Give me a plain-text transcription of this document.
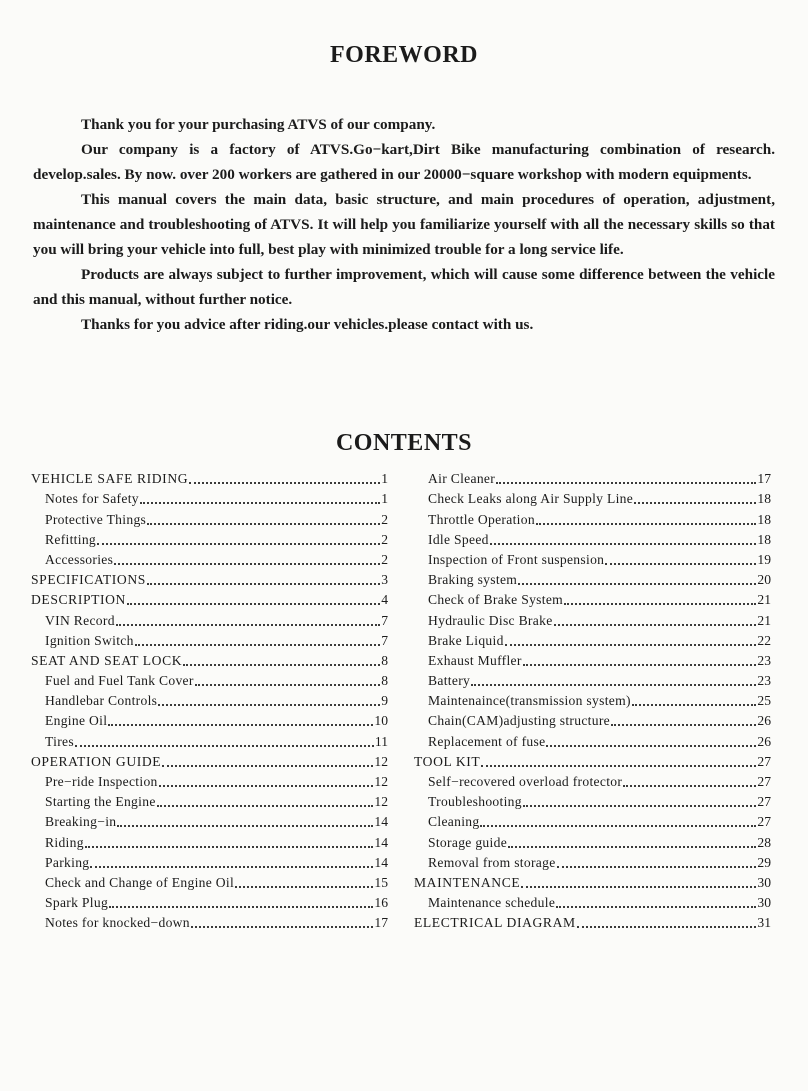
FOREWORD

Thank you for your purchasing ATVS of our company.

Our company is a factory of ATVS.Go−kart,Dirt Bike manufacturing combination of research. develop.sales. By now. over 200 workers are gathered in our 20000−square workshop with modern equipments.

This manual covers the main data, basic structure, and main procedures of operation, adjustment, maintenance and troubleshooting of ATVS. It will help you familiarize yourself with all the necessary skills so that you will bring your vehicle into full, best play with minimized trouble for a long service life.

Products are always subject to further improvement, which will cause some difference between the vehicle and this manual, without further notice.

Thanks for you advice after riding.our vehicles.please contact with us.

CONTENTS
VEHICLE SAFE RIDING	1
Notes for Safety	1
Protective Things	2
Refitting	2
Accessories	2
SPECIFICATIONS	3
DESCRIPTION	4
VIN Record	7
Ignition Switch	7
SEAT AND SEAT LOCK	8
Fuel and Fuel Tank Cover	8
Handlebar Controls	9
Engine Oil	10
Tires	11
OPERATION GUIDE	12
Pre−ride Inspection	12
Starting the Engine	12
Breaking−in	14
Riding	14
Parking	14
Check and Change of Engine Oil	15
Spark Plug	16
Notes for knocked−down	17
Air Cleaner	17
Check Leaks along Air Supply Line	18
Throttle Operation	18
Idle Speed	18
Inspection of Front suspension	19
Braking system	20
Check of Brake System	21
Hydraulic Disc Brake	21
Brake Liquid	22
Exhaust Muffler	23
Battery	23
Maintenaince(transmission system)	25
Chain(CAM)adjusting structure	26
Replacement of fuse	26
TOOL KIT	27
Self−recovered overload frotector	27
Troubleshooting	27
Cleaning	27
Storage guide	28
Removal from storage	29
MAINTENANCE	30
Maintenance schedule	30
ELECTRICAL DIAGRAM	31
